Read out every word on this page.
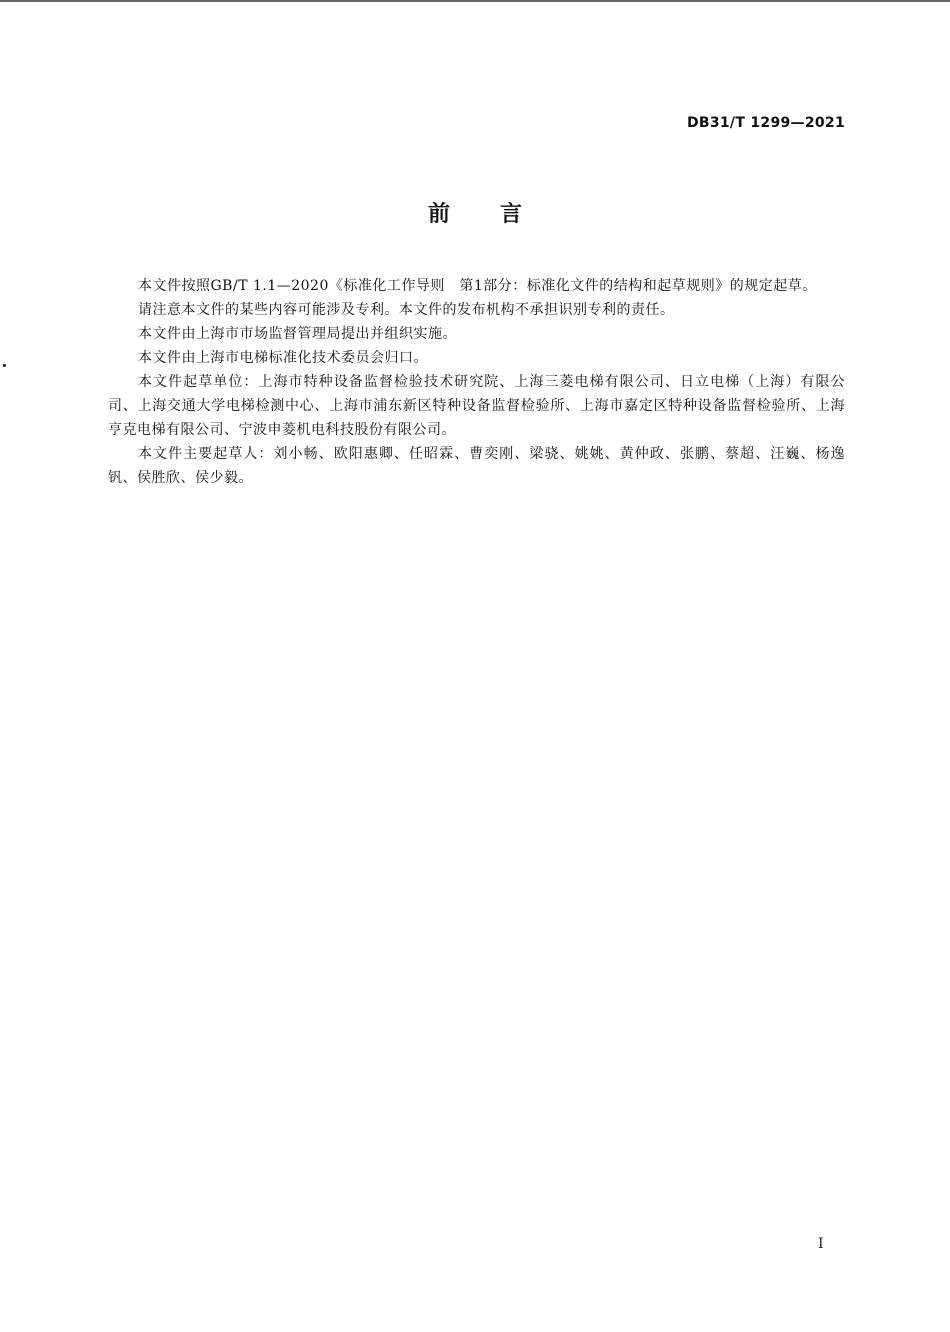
DB31/T 1299—2021
前言

本文件按照GB/T 1.1—2020《标准化工作导则　第1部分：标准化文件的结构和起草规则》的规定起草。

请注意本文件的某些内容可能涉及专利。本文件的发布机构不承担识别专利的责任。

本文件由上海市市场监督管理局提出并组织实施。

本文件由上海市电梯标准化技术委员会归口。

本文件起草单位：上海市特种设备监督检验技术研究院、上海三菱电梯有限公司、日立电梯（上海）有限公司、上海交通大学电梯检测中心、上海市浦东新区特种设备监督检验所、上海市嘉定区特种设备监督检验所、上海亨克电梯有限公司、宁波申菱机电科技股份有限公司。

本文件主要起草人：刘小畅、欧阳惠卿、任昭霖、曹奕刚、梁骁、姚姚、黄仲政、张鹏、蔡超、汪巍、杨逸钒、侯胜欣、侯少毅。

I
